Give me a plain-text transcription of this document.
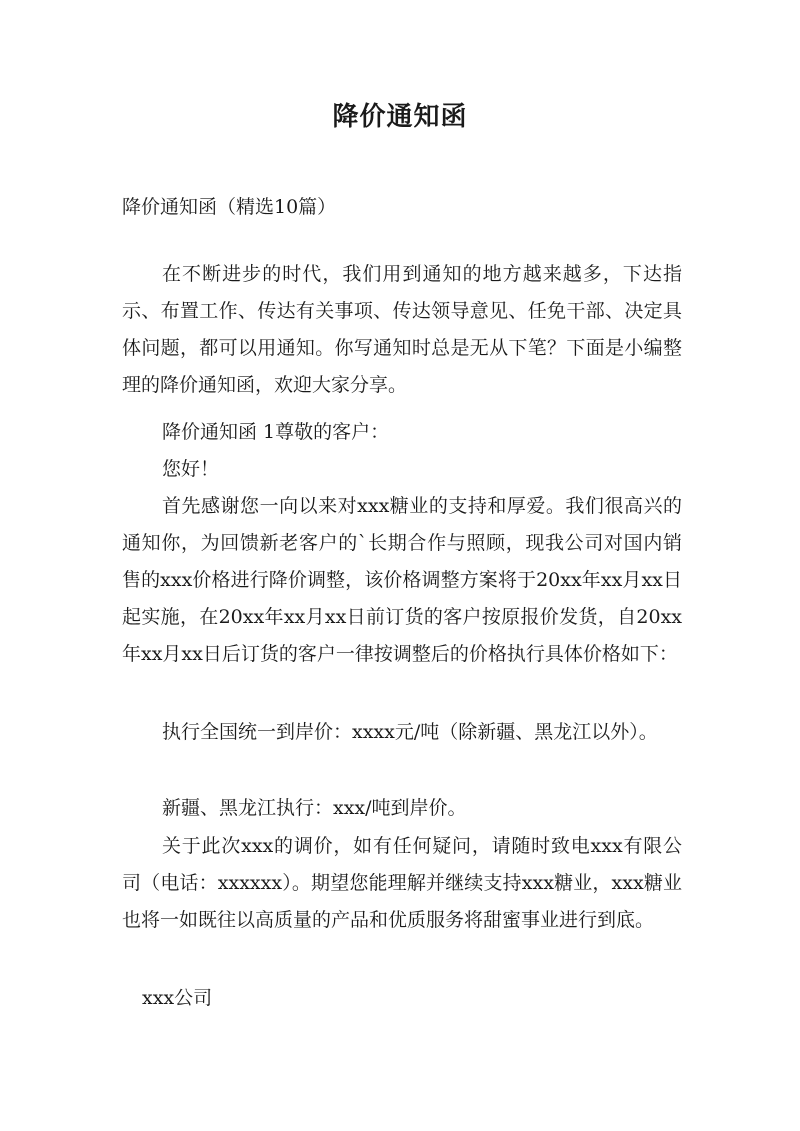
降价通知函
降价通知函（精选10篇）
在不断进步的时代，我们用到通知的地方越来越多，下达指示、布置工作、传达有关事项、传达领导意见、任免干部、决定具体问题，都可以用通知。你写通知时总是无从下笔？下面是小编整理的降价通知函，欢迎大家分享。
降价通知函 1尊敬的客户：
您好！
首先感谢您一向以来对xxx糖业的支持和厚爱。我们很高兴的通知你，为回馈新老客户的`长期合作与照顾，现我公司对国内销售的xxx价格进行降价调整，该价格调整方案将于20xx年xx月xx日起实施，在20xx年xx月xx日前订货的客户按原报价发货，自20xx年xx月xx日后订货的客户一律按调整后的价格执行具体价格如下：
执行全国统一到岸价：xxxx元/吨（除新疆、黑龙江以外）。
新疆、黑龙江执行：xxx/吨到岸价。
关于此次xxx的调价，如有任何疑问，请随时致电xxx有限公司（电话：xxxxxx）。期望您能理解并继续支持xxx糖业，xxx糖业也将一如既往以高质量的产品和优质服务将甜蜜事业进行到底。
xxx公司
